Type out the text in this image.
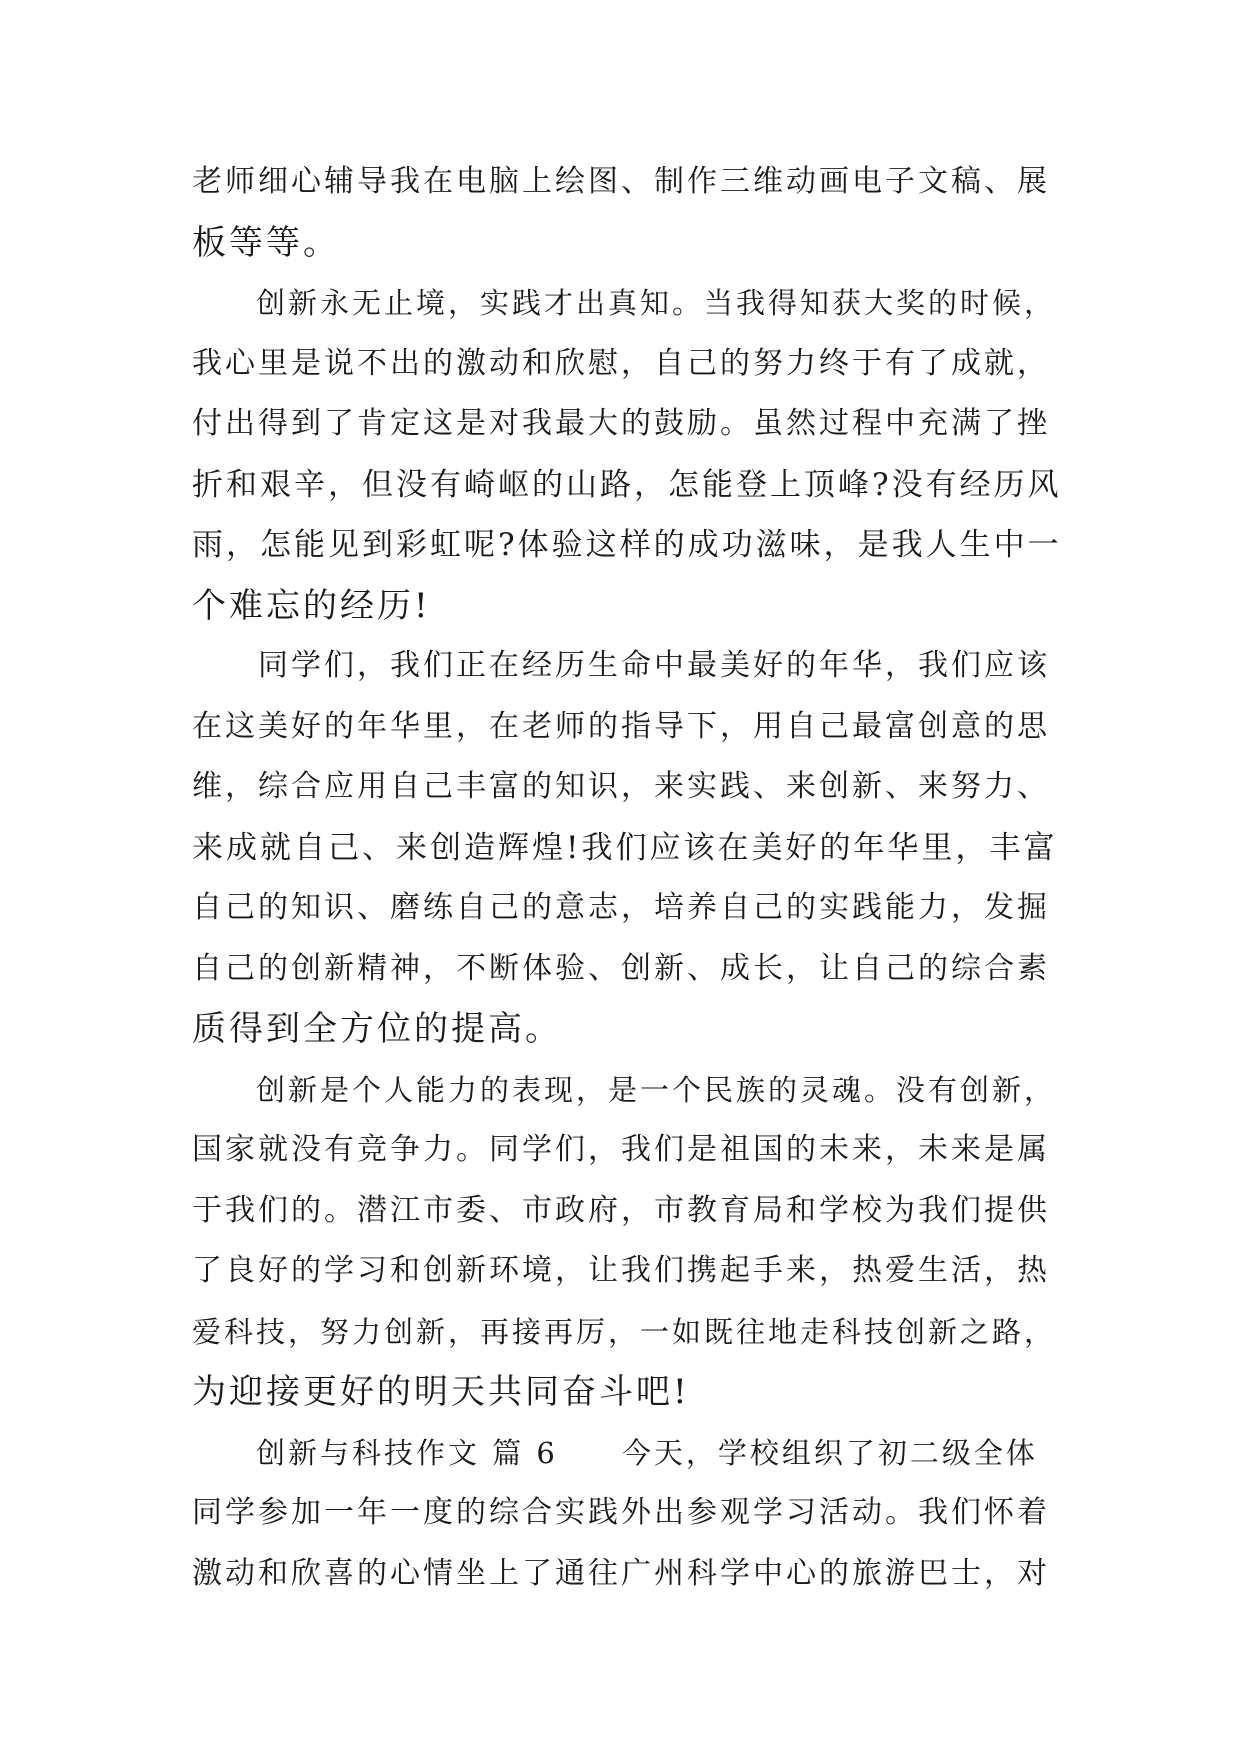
老师细心辅导我在电脑上绘图、制作三维动画电子文稿、展
板等等。
　　创新永无止境，实践才出真知。当我得知获大奖的时候，
我心里是说不出的激动和欣慰，自己的努力终于有了成就，
付出得到了肯定这是对我最大的鼓励。虽然过程中充满了挫
折和艰辛，但没有崎岖的山路，怎能登上顶峰?没有经历风
雨，怎能见到彩虹呢?体验这样的成功滋味，是我人生中一
个难忘的经历!
　　同学们，我们正在经历生命中最美好的年华，我们应该
在这美好的年华里，在老师的指导下，用自己最富创意的思
维，综合应用自己丰富的知识，来实践、来创新、来努力、
来成就自己、来创造辉煌!我们应该在美好的年华里，丰富
自己的知识、磨练自己的意志，培养自己的实践能力，发掘
自己的创新精神，不断体验、创新、成长，让自己的综合素
质得到全方位的提高。
　　创新是个人能力的表现，是一个民族的灵魂。没有创新，
国家就没有竞争力。同学们，我们是祖国的未来，未来是属
于我们的。潜江市委、市政府，市教育局和学校为我们提供
了良好的学习和创新环境，让我们携起手来，热爱生活，热
爱科技，努力创新，再接再厉，一如既往地走科技创新之路，
为迎接更好的明天共同奋斗吧!
　　创新与科技作文 篇 6　　今天，学校组织了初二级全体
同学参加一年一度的综合实践外出参观学习活动。我们怀着
激动和欣喜的心情坐上了通往广州科学中心的旅游巴士，对
